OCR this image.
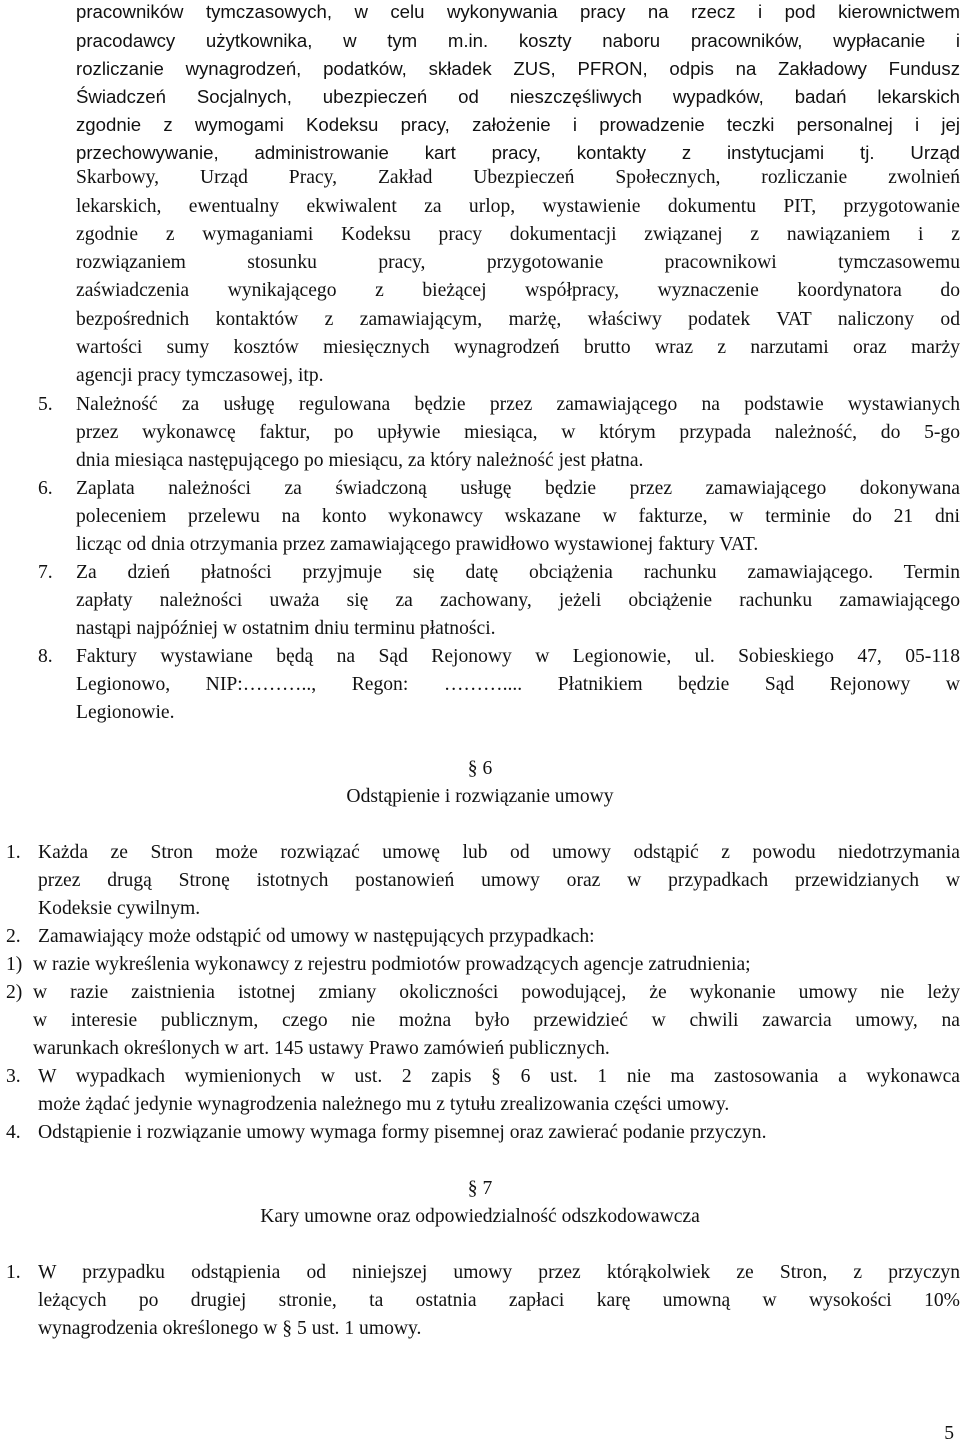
pracowników tymczasowych, w celu wykonywania pracy na rzecz i pod kierownictwem
pracodawcy użytkownika, w tym m.in. koszty naboru pracowników, wypłacanie i
rozliczanie wynagrodzeń, podatków, składek ZUS, PFRON, odpis na Zakładowy Fundusz
Świadczeń Socjalnych, ubezpieczeń od nieszczęśliwych wypadków, badań lekarskich
zgodnie z wymogami Kodeksu pracy, założenie i prowadzenie teczki personalnej i jej
przechowywanie, administrowanie kart pracy, kontakty z instytucjami tj. Urząd
Skarbowy, Urząd Pracy, Zakład Ubezpieczeń Społecznych, rozliczanie zwolnień
lekarskich, ewentualny ekwiwalent za urlop, wystawienie dokumentu PIT, przygotowanie
zgodnie z wymaganiami Kodeksu pracy dokumentacji związanej z nawiązaniem i z
rozwiązaniem stosunku pracy, przygotowanie pracownikowi tymczasowemu
zaświadczenia wynikającego z bieżącej współpracy, wyznaczenie koordynatora do
bezpośrednich kontaktów z zamawiającym, marżę, właściwy podatek VAT naliczony od
wartości sumy kosztów miesięcznych wynagrodzeń brutto wraz z narzutami oraz marży
agencji pracy tymczasowej, itp.
5. Należność za usługę regulowana będzie przez zamawiającego na podstawie wystawianych
przez wykonawcę faktur, po upływie miesiąca, w którym przypada należność, do 5-go
dnia miesiąca następującego po miesiącu, za który należność jest płatna.
6. Zaplata należności za świadczoną usługę będzie przez zamawiającego dokonywana
poleceniem przelewu na konto wykonawcy wskazane w fakturze, w terminie do 21 dni
licząc od dnia otrzymania przez zamawiającego prawidłowo wystawionej faktury VAT.
7. Za dzień płatności przyjmuje się datę obciążenia rachunku zamawiającego. Termin
zapłaty należności uważa się za zachowany, jeżeli obciążenie rachunku zamawiającego
nastąpi najpóźniej w ostatnim dniu terminu płatności.
8. Faktury wystawiane będą na Sąd Rejonowy w Legionowie, ul. Sobieskiego 47, 05-118
Legionowo, NIP:……….., Regon: ……….... Płatnikiem będzie Sąd Rejonowy w
Legionowie.
§ 6
Odstąpienie i rozwiązanie umowy
1. Każda ze Stron może rozwiązać umowę lub od umowy odstąpić z powodu niedotrzymania
przez drugą Stronę istotnych postanowień umowy oraz w przypadkach przewidzianych w
Kodeksie cywilnym.
2. Zamawiający może odstąpić od umowy w następujących przypadkach:
1) w razie wykreślenia wykonawcy z rejestru podmiotów prowadzących agencje zatrudnienia;
2) w razie zaistnienia istotnej zmiany okoliczności powodującej, że wykonanie umowy nie leży
w interesie publicznym, czego nie można było przewidzieć w chwili zawarcia umowy, na
warunkach określonych w art. 145 ustawy Prawo zamówień publicznych.
3. W wypadkach wymienionych w ust. 2 zapis § 6 ust. 1 nie ma zastosowania a wykonawca
może żądać jedynie wynagrodzenia należnego mu z tytułu zrealizowania części umowy.
4. Odstąpienie i rozwiązanie umowy wymaga formy pisemnej oraz zawierać podanie przyczyn.
§ 7
Kary umowne oraz odpowiedzialność odszkodowawcza
1. W przypadku odstąpienia od niniejszej umowy przez którąkolwiek ze Stron, z przyczyn
leżących po drugiej stronie, ta ostatnia zapłaci karę umowną w wysokości 10%
wynagrodzenia określonego w § 5 ust. 1 umowy.
5
